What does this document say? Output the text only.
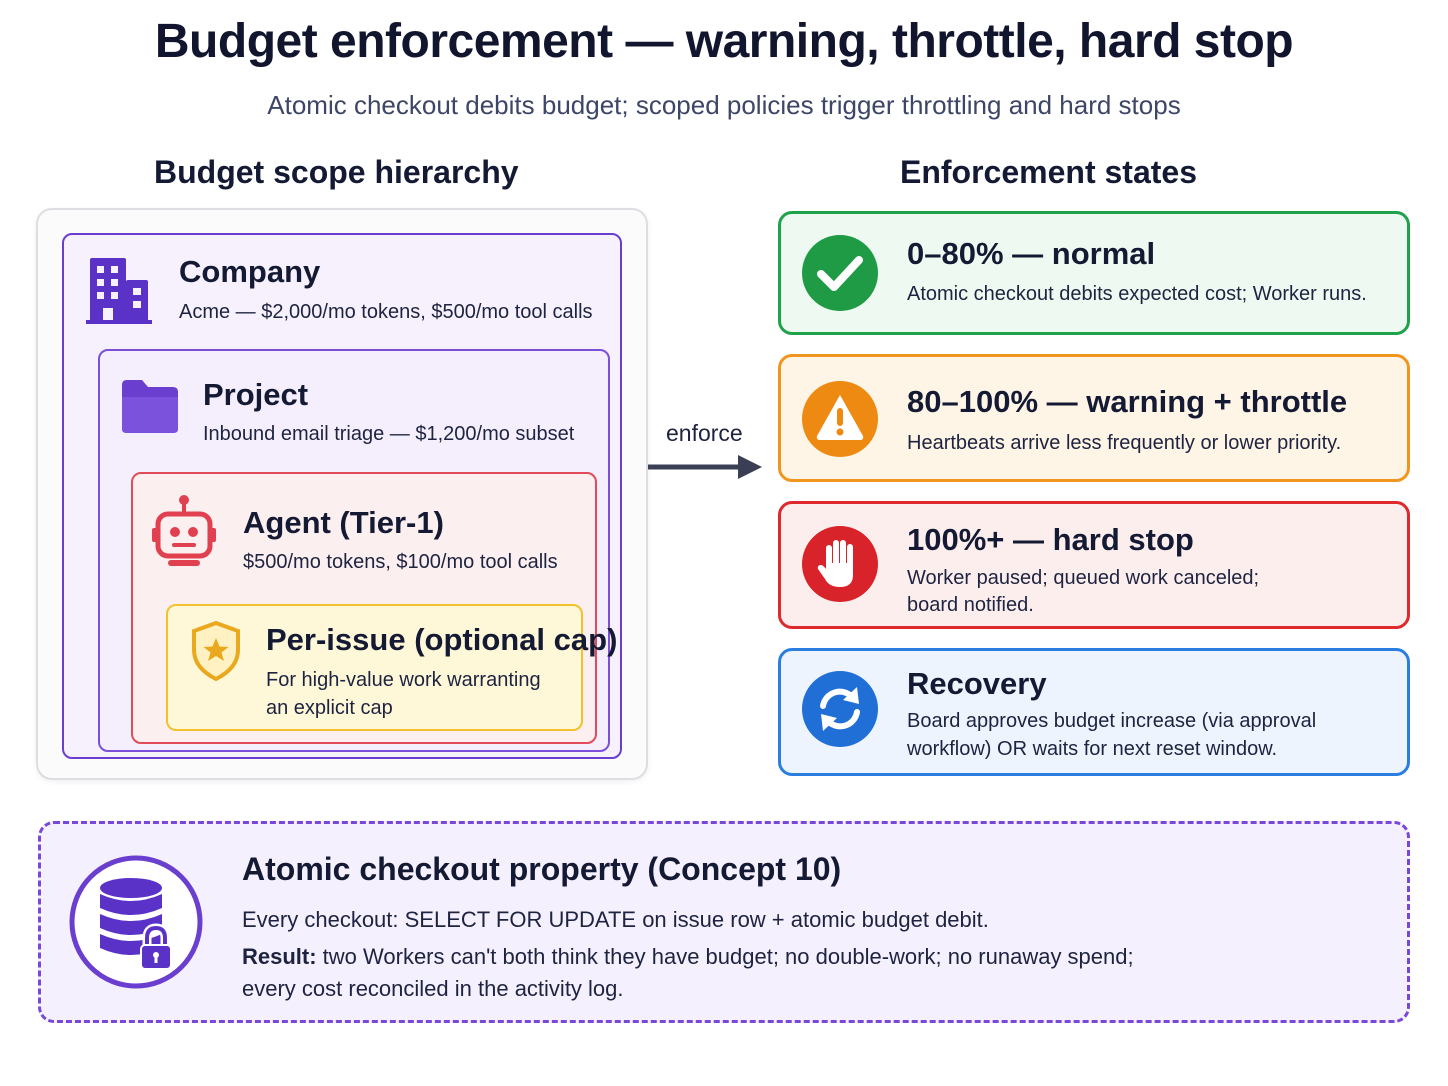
Budget enforcement — warning, throttle, hard stop
Atomic checkout debits budget; scoped policies trigger throttling and hard stops
Budget scope hierarchy	Enforcement states
Company
Acme — $2,000/mo tokens, $500/mo tool calls
Project
Inbound email triage — $1,200/mo subset
Agent (Tier-1)
$500/mo tokens, $100/mo tool calls
Per-issue (optional cap)
For high-value work warranting
an explicit cap
enforce
0–80% — normal
Atomic checkout debits expected cost; Worker runs.
80–100% — warning + throttle
Heartbeats arrive less frequently or lower priority.
100%+ — hard stop
Worker paused; queued work canceled;
board notified.
Recovery
Board approves budget increase (via approval
workflow) OR waits for next reset window.
Atomic checkout property (Concept 10)
Every checkout: SELECT FOR UPDATE on issue row + atomic budget debit.
Result: two Workers can't both think they have budget; no double-work; no runaway spend;
every cost reconciled in the activity log.
